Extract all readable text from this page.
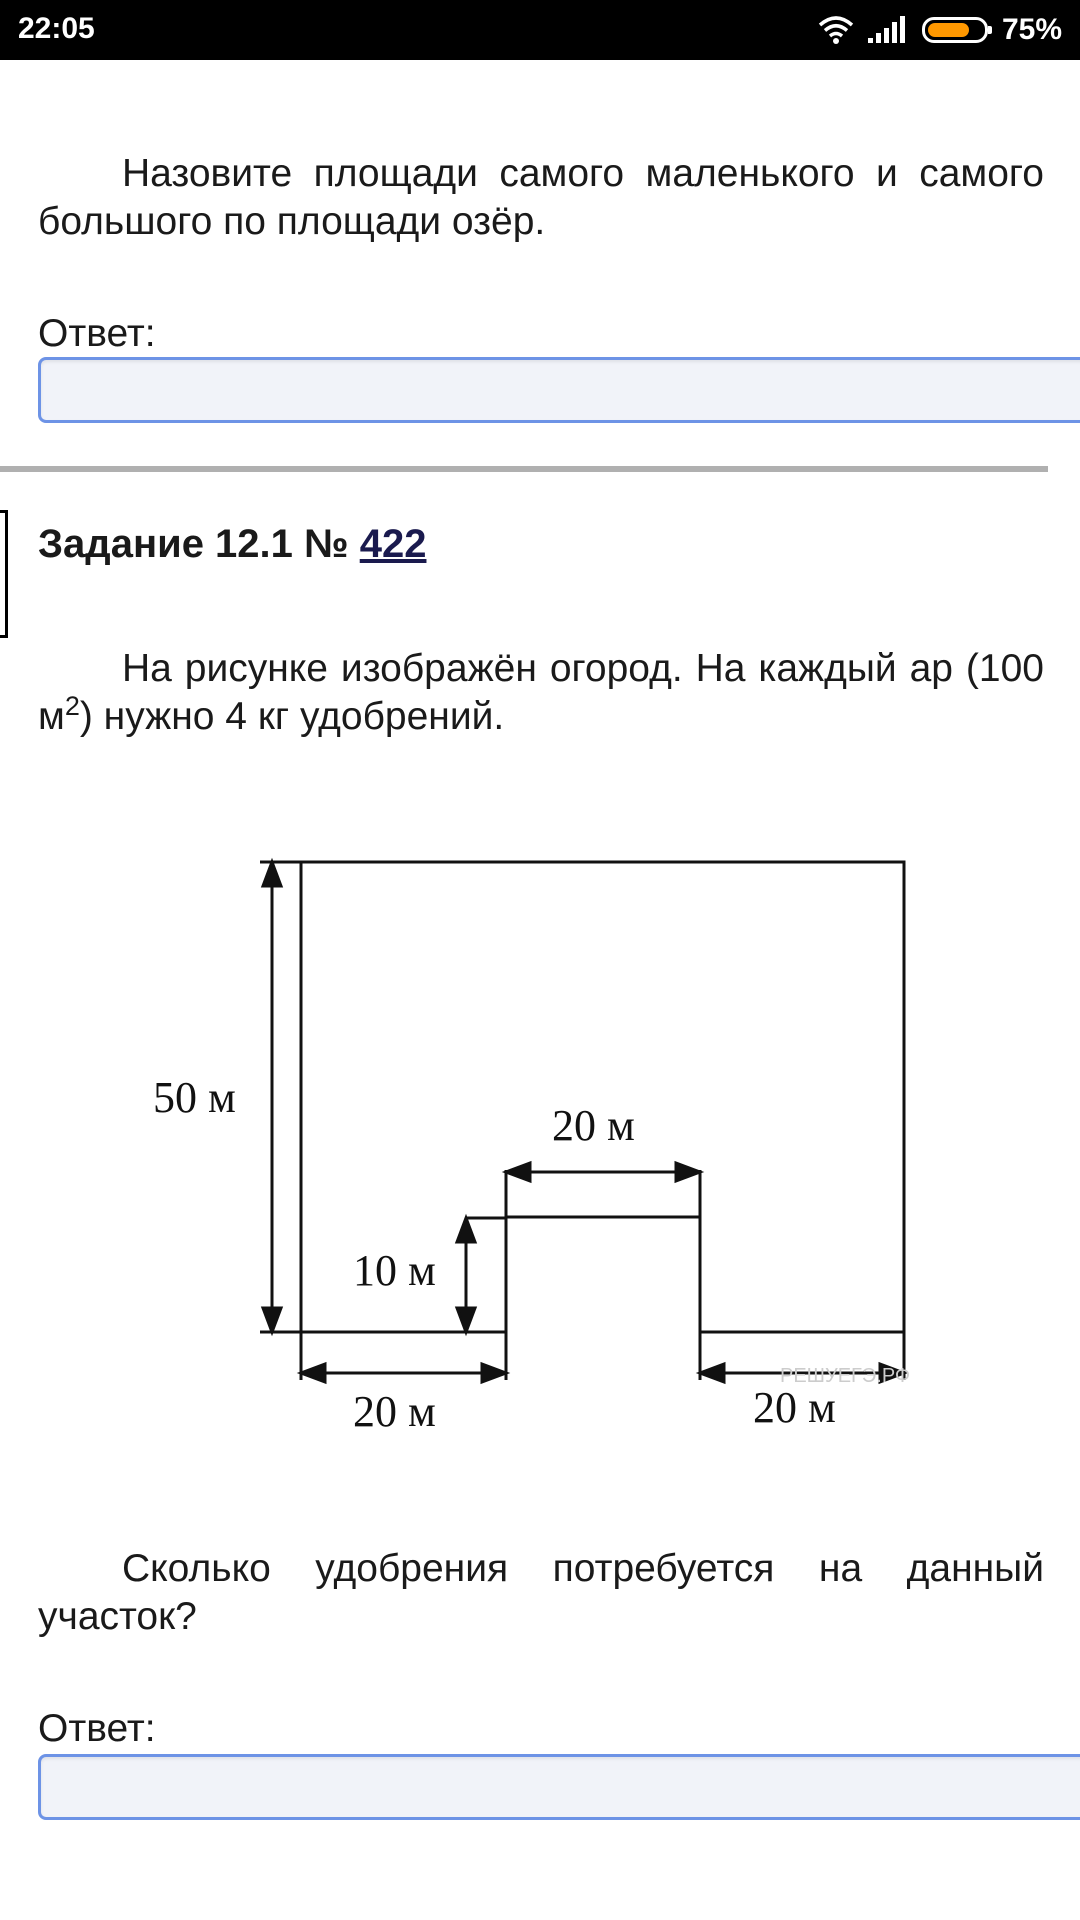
22:05	75%

Назовите площади самого маленького и самого большого по площади озёр.

Ответ:
Задание 12.1 № 422

На рисунке изображён огород. На каждый ар (100 $м^2$) нужно 4 кг удобрений.

РЕШУЕГЭ.РФ
50 м
10 м
20 м
20 м	20 м

Сколько удобрения потребуется на данный участок?

Ответ:
